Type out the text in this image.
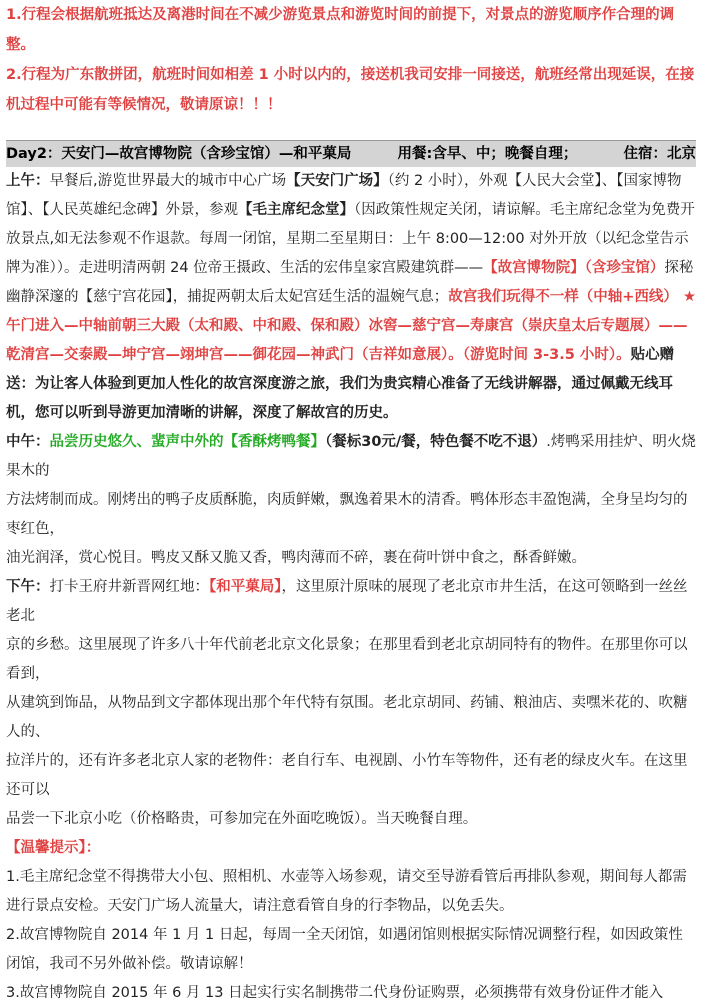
1.行程会根据航班抵达及离港时间在不减少游览景点和游览时间的前提下，对景点的游览顺序作合理的调整。

2.行程为广东散拼团，航班时间如相差 1 小时以内的，接送机我司安排一同接送，航班经常出现延误，在接机过程中可能有等候情况，敬请原谅！！！

Day2：天安门—故宫博物院（含珍宝馆）—和平菓局	用餐:含早、中；晚餐自理；	住宿：北京

上午：早餐后,游览世界最大的城市中心广场【天安门广场】（约 2 小时），外观【人民大会堂】、【国家博物馆】、【人民英雄纪念碑】外景，参观【毛主席纪念堂】（因政策性规定关闭，请谅解。毛主席纪念堂为免费开放景点,如无法参观不作退款。每周一闭馆，星期二至星期日：上午 8:00—12:00 对外开放（以纪念堂告示牌为准））。走进明清两朝 24 位帝王摄政、生活的宏伟皇家宫殿建筑群——【故宫博物院】（含珍宝馆）探秘幽静深邃的【慈宁宫花园】，捕捉两朝太后太妃宫廷生活的温婉气息；故宫我们玩得不一样（中轴+西线） ★午门进入—中轴前朝三大殿（太和殿、中和殿、保和殿）冰窖—慈宁宫—寿康宫（崇庆皇太后专题展）——乾清宫—交泰殿—坤宁宫—翊坤宫——御花园—神武门（吉祥如意展）。（游览时间 3-3.5 小时）。贴心赠送：为让客人体验到更加人性化的故宫深度游之旅，我们为贵宾精心准备了无线讲解器，通过佩戴无线耳机，您可以听到导游更加清晰的讲解，深度了解故宫的历史。

中午：品尝历史悠久、蜚声中外的【香酥烤鸭餐】（餐标30元/餐，特色餐不吃不退）.烤鸭采用挂炉、明火烧果木的

方法烤制而成。刚烤出的鸭子皮质酥脆，肉质鲜嫩，飘逸着果木的清香。鸭体形态丰盈饱满，全身呈均匀的枣红色，

油光润泽，赏心悦目。鸭皮又酥又脆又香，鸭肉薄而不碎，裹在荷叶饼中食之，酥香鲜嫩。

下午：打卡王府井新晋网红地：【和平菓局】，这里原汁原味的展现了老北京市井生活，在这可领略到一丝丝老北

京的乡愁。这里展现了许多八十年代前老北京文化景象；在那里看到老北京胡同特有的物件。在那里你可以看到，

从建筑到饰品，从物品到文字都体现出那个年代特有氛围。老北京胡同、药铺、粮油店、卖嘿米花的、吹糖人的、

拉洋片的，还有许多老北京人家的老物件：老自行车、电视剧、小竹车等物件，还有老的绿皮火车。在这里还可以

品尝一下北京小吃（价格略贵，可参加完在外面吃晚饭）。当天晚餐自理。

【温馨提示】：

1.毛主席纪念堂不得携带大小包、照相机、水壶等入场参观，请交至导游看管后再排队参观，期间每人都需进行景点安检。天安门广场人流量大，请注意看管自身的行李物品，以免丢失。

2.故宫博物院自 2014 年 1 月 1 日起，每周一全天闭馆，如遇闭馆则根据实际情况调整行程，如因政策性闭馆，我司不另外做补偿。敬请谅解！

3.故宫博物院自 2015 年 6 月 13 日起实行实名制携带二代身份证购票，必须携带有效身份证件才能入
